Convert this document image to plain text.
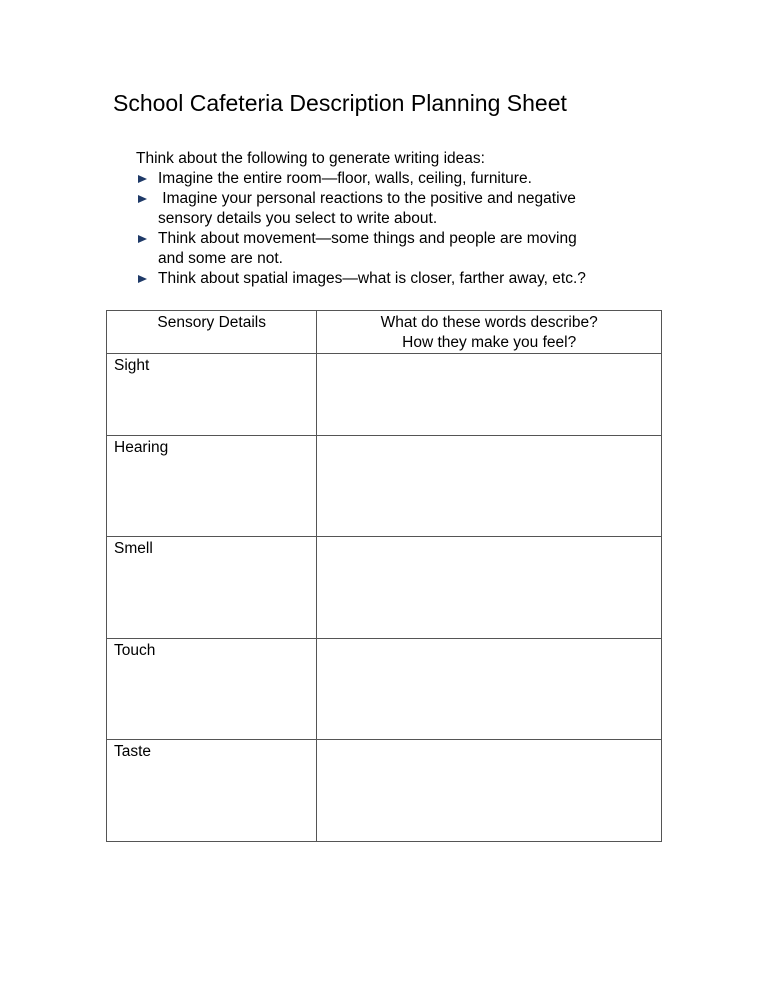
School Cafeteria Description Planning Sheet
Think about the following to generate writing ideas:
Imagine the entire room—floor, walls, ceiling, furniture.
Imagine your personal reactions to the positive and negative
sensory details you select to write about.
Think about movement—some things and people are moving
and some are not.
Think about spatial images—what is closer, farther away, etc.?
Sensory Details	What do these words describe?
How they make you feel?

Sight	

Hearing	

Smell	

Touch	

Taste	
